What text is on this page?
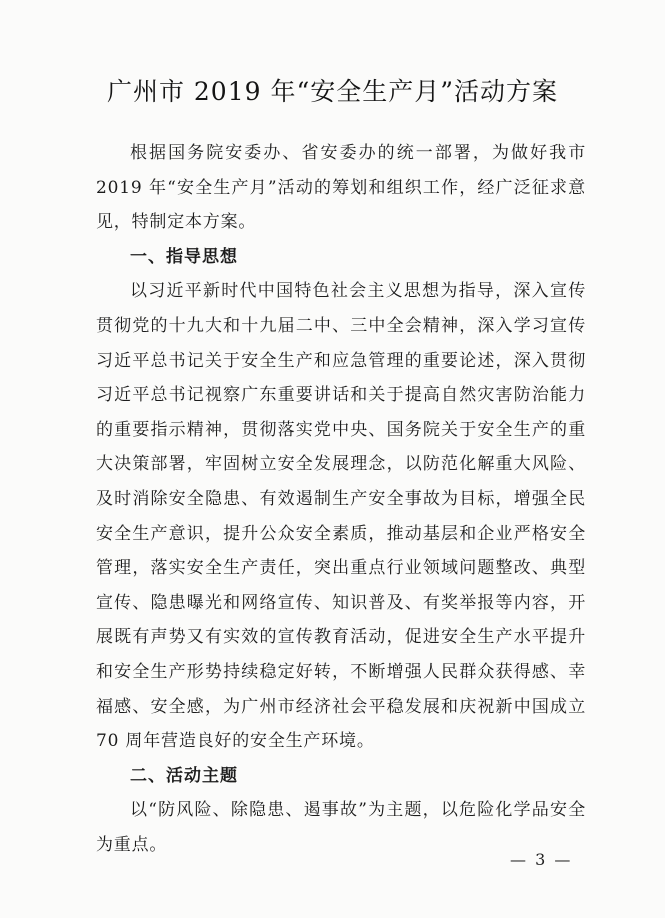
广州市 2019 年“安全生产月”活动方案

根据国务院安委办、省安委办的统一部署，为做好我市 2019 年“安全生产月”活动的筹划和组织工作，经广泛征求意见，特制定本方案。

一、指导思想

以习近平新时代中国特色社会主义思想为指导，深入宣传贯彻党的十九大和十九届二中、三中全会精神，深入学习宣传习近平总书记关于安全生产和应急管理的重要论述，深入贯彻习近平总书记视察广东重要讲话和关于提高自然灾害防治能力的重要指示精神，贯彻落实党中央、国务院关于安全生产的重大决策部署，牢固树立安全发展理念，以防范化解重大风险、及时消除安全隐患、有效遏制生产安全事故为目标，增强全民安全生产意识，提升公众安全素质，推动基层和企业严格安全管理，落实安全生产责任，突出重点行业领域问题整改、典型宣传、隐患曝光和网络宣传、知识普及、有奖举报等内容，开展既有声势又有实效的宣传教育活动，促进安全生产水平提升和安全生产形势持续稳定好转，不断增强人民群众获得感、幸福感、安全感，为广州市经济社会平稳发展和庆祝新中国成立 70 周年营造良好的安全生产环境。

二、活动主题

以“防风险、除隐患、遏事故”为主题，以危险化学品安全为重点。

— 3 —
